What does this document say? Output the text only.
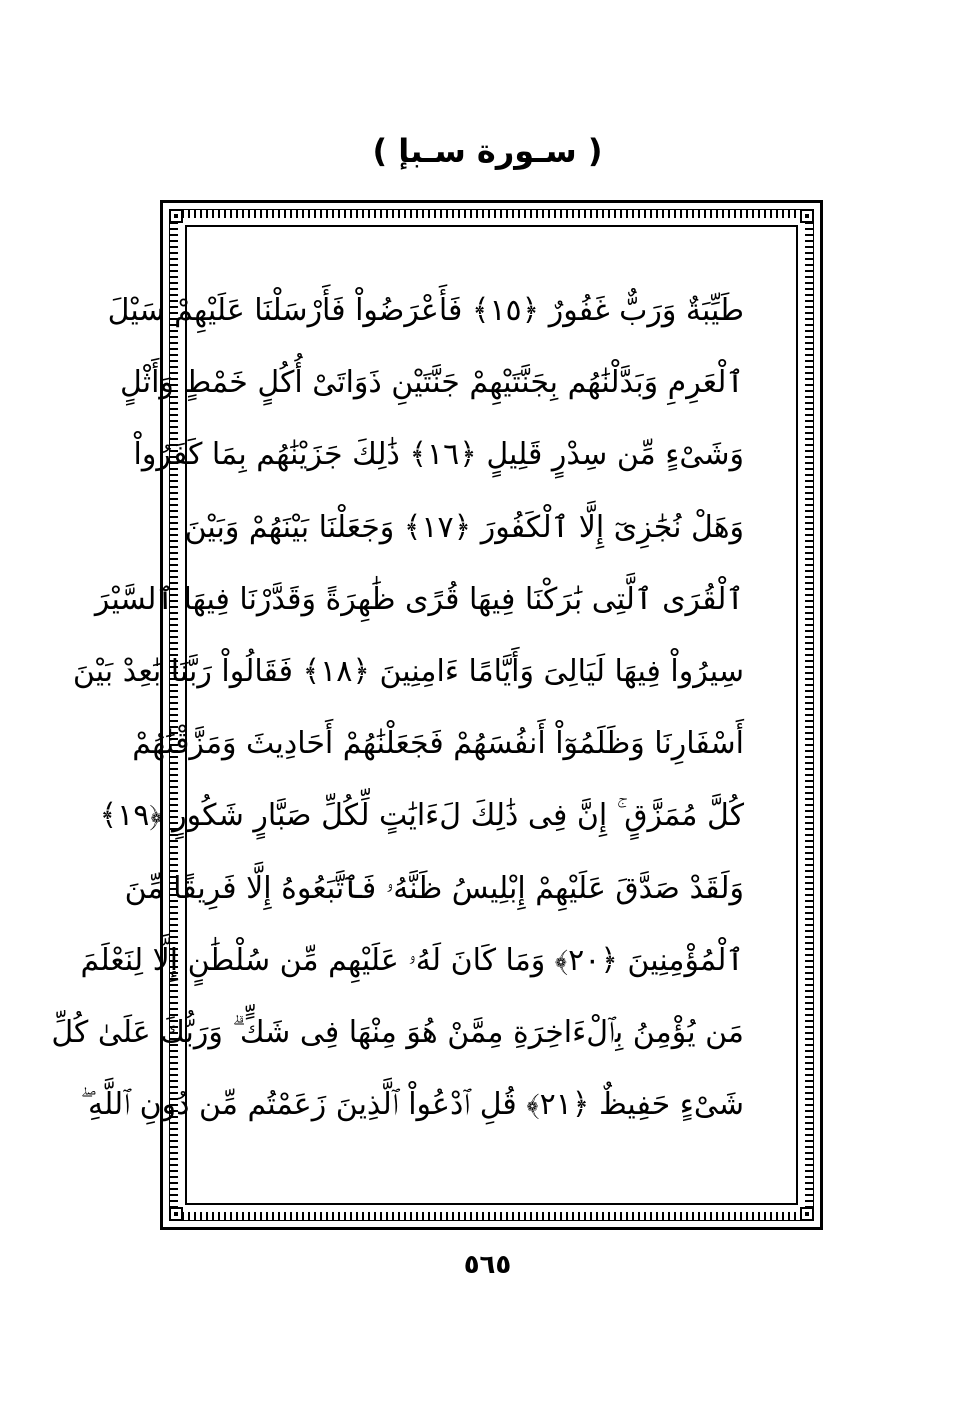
( سـورة سـبإ )
طَيِّبَةٌ وَرَبٌّ غَفُورٌ ﴿١٥﴾ فَأَعْرَضُواْ فَأَرْسَلْنَا عَلَيْهِمْ سَيْلَ
ٱلْعَرِمِ وَبَدَّلْنَٰهُم بِجَنَّتَيْهِمْ جَنَّتَيْنِ ذَوَاتَىْ أُكُلٍ خَمْطٍ وَأَثْلٍ
وَشَىْءٍ مِّن سِدْرٍ قَلِيلٍ ﴿١٦﴾ ذَٰلِكَ جَزَيْنَٰهُم بِمَا كَفَرُواْ
وَهَلْ نُجَٰزِىٓ إِلَّا ٱلْكَفُورَ ﴿١٧﴾ وَجَعَلْنَا بَيْنَهُمْ وَبَيْنَ
ٱلْقُرَى ٱلَّتِى بَٰرَكْنَا فِيهَا قُرًى ظَٰهِرَةً وَقَدَّرْنَا فِيهَا ٱلسَّيْرَ
سِيرُواْ فِيهَا لَيَالِىَ وَأَيَّامًا ءَامِنِينَ ﴿١٨﴾ فَقَالُواْ رَبَّنَا بَٰعِدْ بَيْنَ
أَسْفَارِنَا وَظَلَمُوٓاْ أَنفُسَهُمْ فَجَعَلْنَٰهُمْ أَحَادِيثَ وَمَزَّقْنَٰهُمْ
كُلَّ مُمَزَّقٍ ۚ إِنَّ فِى ذَٰلِكَ لَءَايَٰتٍ لِّكُلِّ صَبَّارٍ شَكُورٍ ﴿١٩﴾
وَلَقَدْ صَدَّقَ عَلَيْهِمْ إِبْلِيسُ ظَنَّهُۥ فَٱتَّبَعُوهُ إِلَّا فَرِيقًا مِّنَ
ٱلْمُؤْمِنِينَ ﴿٢٠﴾ وَمَا كَانَ لَهُۥ عَلَيْهِم مِّن سُلْطَٰنٍ إِلَّا لِنَعْلَمَ
مَن يُؤْمِنُ بِٱلْءَاخِرَةِ مِمَّنْ هُوَ مِنْهَا فِى شَكٍّ ۗ وَرَبُّكَ عَلَىٰ كُلِّ
شَىْءٍ حَفِيظٌ ﴿٢١﴾ قُلِ ٱدْعُواْ ٱلَّذِينَ زَعَمْتُم مِّن دُونِ ٱللَّهِ ۖ
٥٦٥
